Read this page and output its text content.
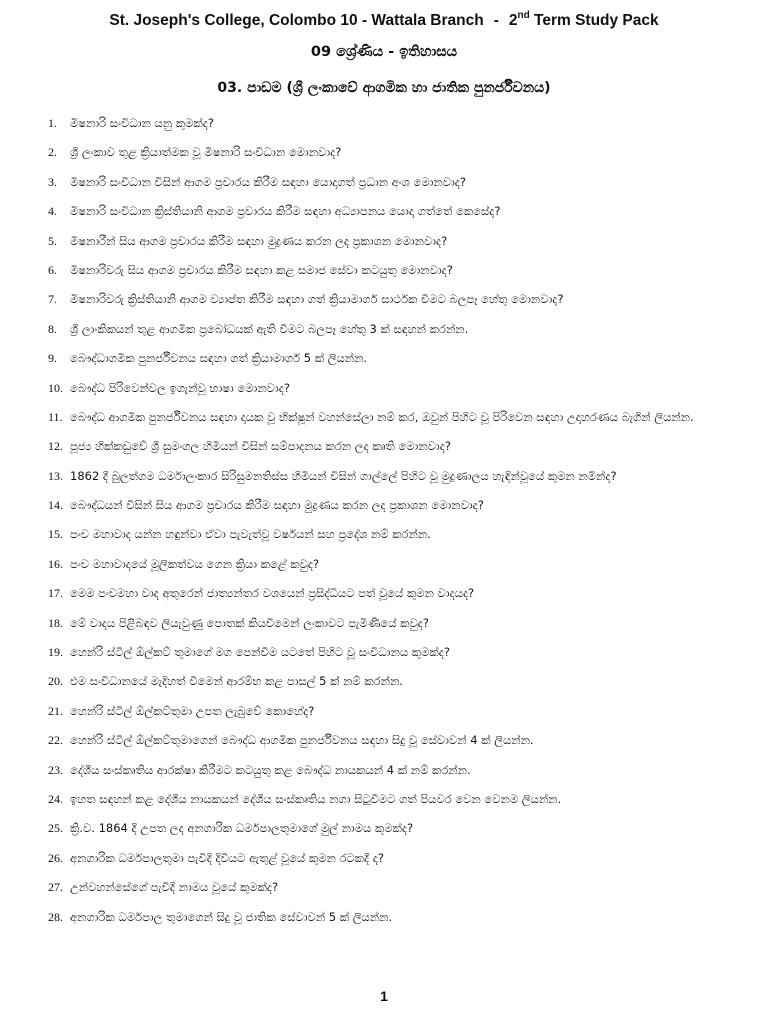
St. Joseph's College, Colombo 10 - Wattala Branch - 2nd Term Study Pack
09 ශ්‍රේණිය - ඉතිහාසය
03. පාඩම (ශ්‍රී ලංකාවේ ආගමික හා ජාතික පුනර්ජීවනය)
1. මිෂනාරි සංවිධාන යනු කුමක්ද?
2. ශ්‍රී ලංකාව තුළ ක්‍රියාත්මක වූ මිෂනාරි සංවිධාන මොනවාද?
3. මිෂනාරි සංවිධාන විසින් ආගම ප්‍රචාරය කිරීම සඳහා යොදාගත් ප්‍රධාන අංශ මොනවාද?
4. මිෂනාරි සංවිධාන ක්‍රිස්තියානි ආගම ප්‍රචාරය කිරීම සඳහා අධ්‍යාපනය යොදා ගත්තේ කෙසේද?
5. මිෂනාරීන් සිය ආගම ප්‍රචාරය කිරීම සඳහා මුද්‍රණය කරන ලද ප්‍රකාශන මොනවාද?
6. මිෂනාරිවරු සිය ආගම ප්‍රචාරය කිරීම සඳහා කළ සමාජ සේවා කටයුතු මොනවාද?
7. මිෂනාරිවරු ක්‍රිස්තියානි ආගම ව්‍යාප්ත කිරීම සඳහා ගත් ක්‍රියාමාර්ග සාර්ථක වීමට බලපෑ හේතු මොනවාද?
8. ශ්‍රී ලාංකිකයන් තුළ ආගමික ප්‍රබෝධයක් ඇති වීමට බලපෑ හේතු 3 ක් සඳහන් කරන්න.
9. බෞද්ධාගමික පුනර්ජීවනය සඳහා ගත් ක්‍රියාමාර්ග 5 ක් ලියන්න.
10. බෞද්ධ පිරිවෙන්වල ඉගැන්වූ භාෂා මොනවාද?
11. බෞද්ධ ආගමික පුනර්ජීවනය සඳහා දායක වූ භික්ෂූන් වහන්සේලා නම් කර, ඔවුන් පිහිට වූ පිරිවෙන සඳහා උදාහරණය බැගින් ලියන්න.
12. පූජ්‍ය හික්කඩුවේ ශ්‍රී සුමංගල හිමියන් විසින් සම්පාදනය කරන ලද කෘති මොනවාද?
13. 1862 දී බුලත්ගම ධර්මාලංකාර සිරිසුමනතිස්ස හිමියන් විසින් ගාල්ලේ පිහිට වූ මුද්‍රණාලය හැඳින්වූයේ කුමන නමින්ද?
14. බෞද්ධයන් විසින් සිය ආගම ප්‍රචාරය කිරීම සඳහා මුද්‍රණය කරන ලද ප්‍රකාශන මොනවාද?
15. පංච මහාවාද යන්න හඳුන්වා ඒවා පැවැත්වූ වර්ෂයන් සහ ප්‍රදේශ නම් කරන්න.
16. පංච මහාවාදයේ මූලිකත්වය ගෙන ක්‍රියා කළේ කවුද?
17. මෙම පංචමහා වාද අතුරෙන් ජාත්‍යන්තර වශයෙන් ප්‍රසිද්ධියට පත් වූයේ කුමන වාදයද?
18. මේ වාදය පිළිබඳව ලියැවුණු පොතක් කියවීමෙන් ලංකාවට පැමිණියේ කවුද?
19. හෙන්රි ස්ටීල් ඕල්කට් තුමාගේ මග පෙන්වීම යටතේ පිහිට වූ සංවිධානය කුමක්ද?
20. එම සංවිධානයේ මැදිහත් වීමෙන් ආරම්භ කළ පාසල් 5 ක් නම් කරන්න.
21. හෙන්රි ස්ටීල් ඕල්කට්තුමා උපත ලැබුවේ කොහේද?
22. හෙන්රි ස්ටීල් ඕල්කට්තුමාගෙන් බෞද්ධ ආගමික පුනර්ජීවනය සඳහා සිදු වූ සේවාවන් 4 ක් ලියන්න.
23. දේශීය සංස්කෘතිය ආරක්ෂා කිරීමට කටයුතු කළ බෞද්ධ නායකයන් 4 ක් නම් කරන්න.
24. ඉහත සඳහන් කළ දේශීය නායකයන් දේශීය සංස්කෘතිය නගා සිටුවීමට ගත් පියවර වෙන වෙනම ලියන්න.
25. ක්‍රි.ව. 1864 දී උපත ලද අනගාරික ධර්මපාලතුමාගේ මුල් නාමය කුමක්ද?
26. අනගාරික ධර්මපාලතුමා පැවිදි දිවියට ඇතුළ් වූයේ කුමන රටකදී ද?
27. උන්වහන්සේගේ පැවිදි නාමය වූයේ කුමක්ද?
28. අනගාරික ධර්මපාල තුමාගෙන් සිදු වූ ජාතික සේවාවන් 5 ක් ලියන්න.
1
